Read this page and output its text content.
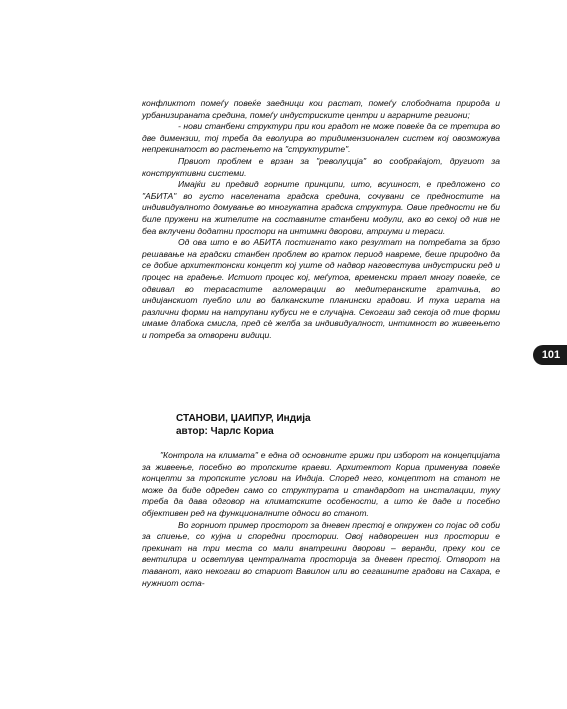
конфликтот помеѓу повеќе заедници кои растат, помеѓу слободната природа и урбанизираната средина, помеѓу индустриските центри и аграрните региони;

- нови станбени структури при кои градот не може повеќе да се третира во две димензии, тој треба да еволуира во тридимензионален систем кој овозможува непрекинатост во растењето на "структурите".

Првиот проблем е врзан за "револуција" во сообраќајот, другиот за конструктивни системи.

Имајќи ги предвид горните принципи, што, всушност, е предложено со "АБИТА" во густо населената градска средина, сочувани се предностите на индивидуалното домување во многукатна градска структура. Овие предности не би биле пружени на жителите на составните станбени модули, ако во секој од нив не беа вклучени додатни простори на интимни дворови, атриуми и тераси.

Од ова што е во АБИТА постигнато како резултат на потребата за брзо решавање на градски станбен проблем во краток период навреме, беше природно да се добие архитектонски концепт кој уште од надвор наговестува индустриски ред и процес на градење. Истиот процес кој, меѓутоа, временски траел многу повеќе, се одвивал во терасастите агломерации во медитеранските гратчиња, во индијанскиот пуебло или во балканските планински градови. И тука играта на различни форми на натрупани кубуси не е случајна. Секогаш зад секоја од тие форми имаме длабока смисла, пред сè желба за индивидуалност, интимност во живеењето и потреба за отворени видици.

СТАНОВИ, ЏАИПУР, Индија
автор: Чарлс Кориа

"Контрола на климата" е една од основните грижи при изборот на концепцијата за живеење, посебно во тропските краеви. Архитектот Кориа применува повеќе концепти за тропските услови на Индија. Според него, концептот на станот не може да биде одреден само со структурата и стандардот на инсталации, туку треба да дава одговор на климатските особености, а што ќе даде и посебно објективен ред на функционалните односи во станот.

Во горниот пример просторот за дневен престој е опкружен со појас од соби за спиење, со кујна и споредни простории. Овој надворешен низ простории е прекинат на три места со мали внатрешни дворови – веранди, преку кои се вентилира и осветлува централната просторија за дневен престој. Отворот на таванот, како некогаш во стариот Вавилон или во сегашните градови на Сахара, е нужниот оста-

101
